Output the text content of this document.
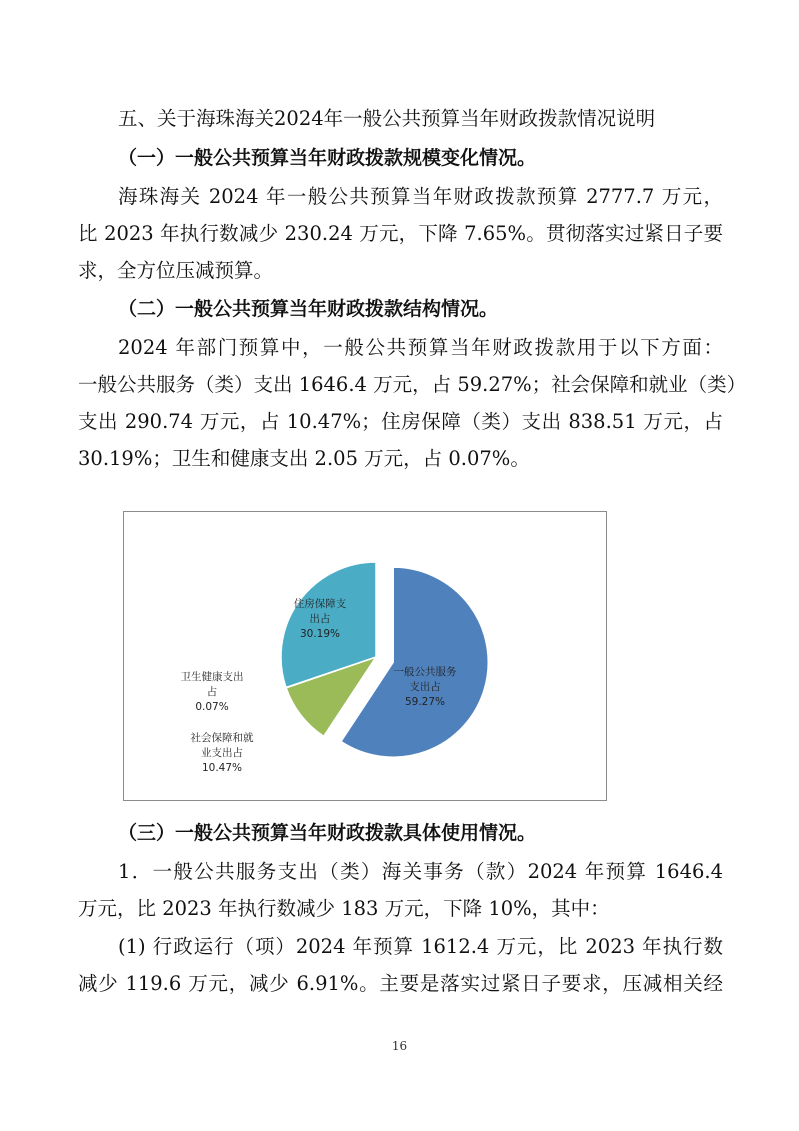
五、关于海珠海关2024年一般公共预算当年财政拨款情况说明
（一）一般公共预算当年财政拨款规模变化情况。
海珠海关 2024 年一般公共预算当年财政拨款预算 2777.7 万元，
比 2023 年执行数减少 230.24 万元，下降 7.65%。贯彻落实过紧日子要
求，全方位压减预算。
（二）一般公共预算当年财政拨款结构情况。
2024 年部门预算中，一般公共预算当年财政拨款用于以下方面：
一般公共服务（类）支出 1646.4 万元，占 59.27%；社会保障和就业（类）
支出 290.74 万元，占 10.47%；住房保障（类）支出 838.51 万元，占
30.19%；卫生和健康支出 2.05 万元，占 0.07%。
一般公共服务支出占 59.27%
社会保障和就业支出占 10.47%
卫生健康支出占 0.07%
住房保障支出占 30.19%
（三）一般公共预算当年财政拨款具体使用情况。
1．一般公共服务支出（类）海关事务（款）2024 年预算 1646.4
万元，比 2023 年执行数减少 183 万元，下降 10%，其中：
(1) 行政运行（项）2024 年预算 1612.4 万元，比 2023 年执行数
减少 119.6 万元，减少 6.91%。主要是落实过紧日子要求，压减相关经
16
